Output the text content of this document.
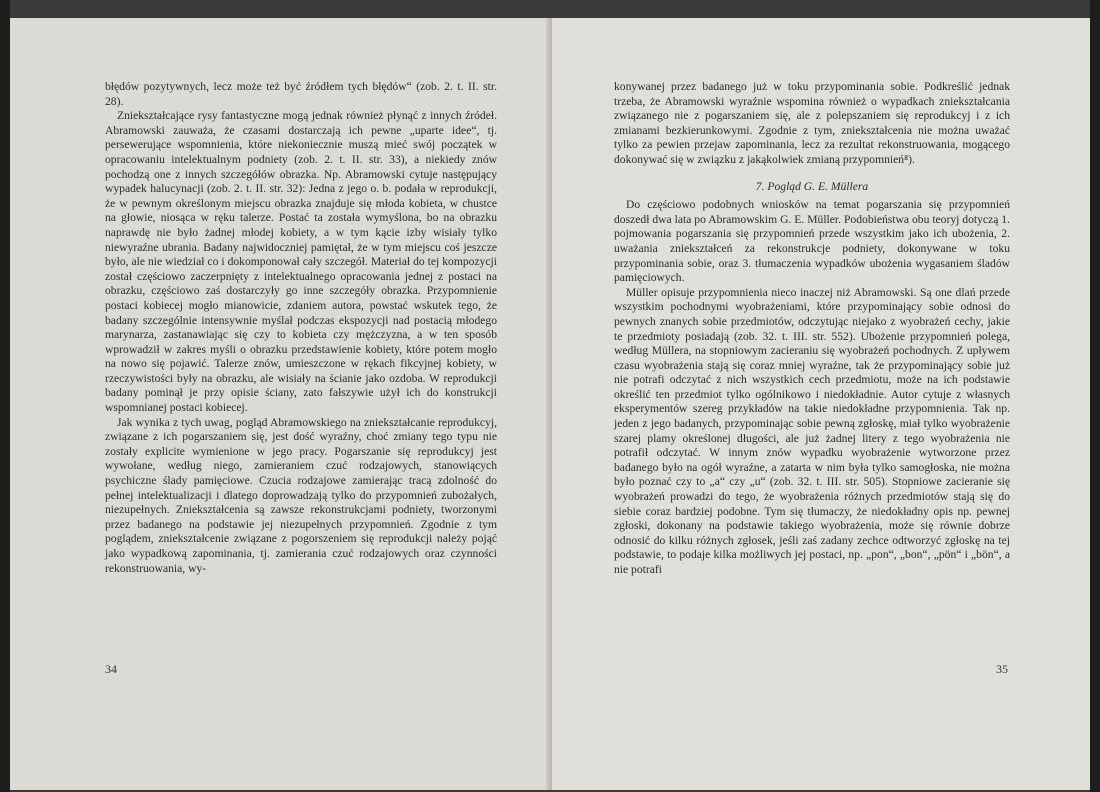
błędów pozytywnych, lecz może też być źródłem tych błędów“ (zob. 2. t. II. str. 28).

Zniekształcające rysy fantastyczne mogą jednak również płynąć z innych źródeł. Abramowski zauważa, że czasami dostarczają ich pewne „uparte idee“, tj. persewerujące wspomnienia, które niekoniecznie muszą mieć swój początek w opracowaniu intelektualnym podniety (zob. 2. t. II. str. 33), a niekiedy znów pochodzą one z innych szczegółów obrazka. Np. Abramowski cytuje następujący wypadek halucynacji (zob. 2. t. II. str. 32): Jedna z jego o. b. podała w reprodukcji, że w pewnym określonym miejscu obrazka znajduje się młoda kobieta, w chustce na głowie, niosąca w ręku talerze. Postać ta została wymyślona, bo na obrazku naprawdę nie było żadnej młodej kobiety, a w tym kącie izby wisiały tylko niewyraźne ubrania. Badany najwidoczniej pamiętał, że w tym miejscu coś jeszcze było, ale nie wiedział co i dokomponował cały szczegół. Materiał do tej kompozycji został częściowo zaczerpnięty z intelektualnego opracowania jednej z postaci na obrazku, częściowo zaś dostarczyły go inne szczegóły obrazka. Przypomnienie postaci kobiecej mogło mianowicie, zdaniem autora, powstać wskutek tego, że badany szczególnie intensywnie myślał podczas ekspozycji nad postacią młodego marynarza, zastanawiając się czy to kobieta czy mężczyzna, a w ten sposób wprowadził w zakres myśli o obrazku przedstawienie kobiety, które potem mogło na nowo się pojawić. Talerze znów, umieszczone w rękach fikcyjnej kobiety, w rzeczywistości były na obrazku, ale wisiały na ścianie jako ozdoba. W reprodukcji badany pominął je przy opisie ściany, zato fałszywie użył ich do konstrukcji wspomnianej postaci kobiecej.

Jak wynika z tych uwag, pogląd Abramowskiego na zniekształcanie reprodukcyj, związane z ich pogarszaniem się, jest dość wyraźny, choć zmiany tego typu nie zostały explicite wymienione w jego pracy. Pogarszanie się reprodukcyj jest wywołane, według niego, zamieraniem czuć rodzajowych, stanowiących psychiczne ślady pamięciowe. Czucia rodzajowe zamierając tracą zdolność do pełnej intelektualizacji i dlatego doprowadzają tylko do przypomnień zubożałych, niezupełnych. Zniekształcenia są zawsze rekonstrukcjami podniety, tworzonymi przez badanego na podstawie jej niezupełnych przypomnień. Zgodnie z tym poglądem, zniekształcenie związane z pogorszeniem się reprodukcji należy pojąć jako wypadkową zapominania, tj. zamierania czuć rodzajowych oraz czynności rekonstruowania, wy-

34

konywanej przez badanego już w toku przypominania sobie. Podkreślić jednak trzeba, że Abramowski wyraźnie wspomina również o wypadkach zniekształcania związanego nie z pogarszaniem się, ale z polepszaniem się reprodukcyj i z ich zmianami bezkierunkowymi. Zgodnie z tym, zniekształcenia nie można uważać tylko za pewien przejaw zapominania, lecz za rezultat rekonstruowania, mogącego dokonywać się w związku z jakąkolwiek zmianą przypomnień⁸).

7. Pogląd G. E. Müllera

Do częściowo podobnych wniosków na temat pogarszania się przypomnień doszedł dwa lata po Abramowskim G. E. Müller. Podobieństwa obu teoryj dotyczą 1. pojmowania pogarszania się przypomnień przede wszystkim jako ich ubożenia, 2. uważania zniekształceń za rekonstrukcje podniety, dokonywane w toku przypominania sobie, oraz 3. tłumaczenia wypadków ubożenia wygasaniem śladów pamięciowych.

Müller opisuje przypomnienia nieco inaczej niż Abramowski. Są one dlań przede wszystkim pochodnymi wyobrażeniami, które przypominający sobie odnosi do pewnych znanych sobie przedmiotów, odczytując niejako z wyobrażeń cechy, jakie te przedmioty posiadają (zob. 32. t. III. str. 552). Ubożenie przypomnień polega, według Müllera, na stopniowym zacieraniu się wyobrażeń pochodnych. Z upływem czasu wyobrażenia stają się coraz mniej wyraźne, tak że przypominający sobie już nie potrafi odczytać z nich wszystkich cech przedmiotu, może na ich podstawie określić ten przedmiot tylko ogólnikowo i niedokładnie. Autor cytuje z własnych eksperymentów szereg przykładów na takie niedokładne przypomnienia. Tak np. jeden z jego badanych, przypominając sobie pewną zgłoskę, miał tylko wyobrażenie szarej plamy określonej długości, ale już żadnej litery z tego wyobrażenia nie potrafił odczytać. W innym znów wypadku wyobrażenie wytworzone przez badanego było na ogół wyraźne, a zatarta w nim była tylko samogłoska, nie można było poznać czy to „a“ czy „u“ (zob. 32. t. III. str. 505). Stopniowe zacieranie się wyobrażeń prowadzi do tego, że wyobrażenia różnych przedmiotów stają się do siebie coraz bardziej podobne. Tym się tłumaczy, że niedokładny opis np. pewnej zgłoski, dokonany na podstawie takiego wyobrażenia, może się równie dobrze odnosić do kilku różnych zgłosek, jeśli zaś zadany zechce odtworzyć zgłoskę na tej podstawie, to podaje kilka możliwych jej postaci, np. „pon“, „bon“, „pön“ i „bön“, a nie potrafi

35
